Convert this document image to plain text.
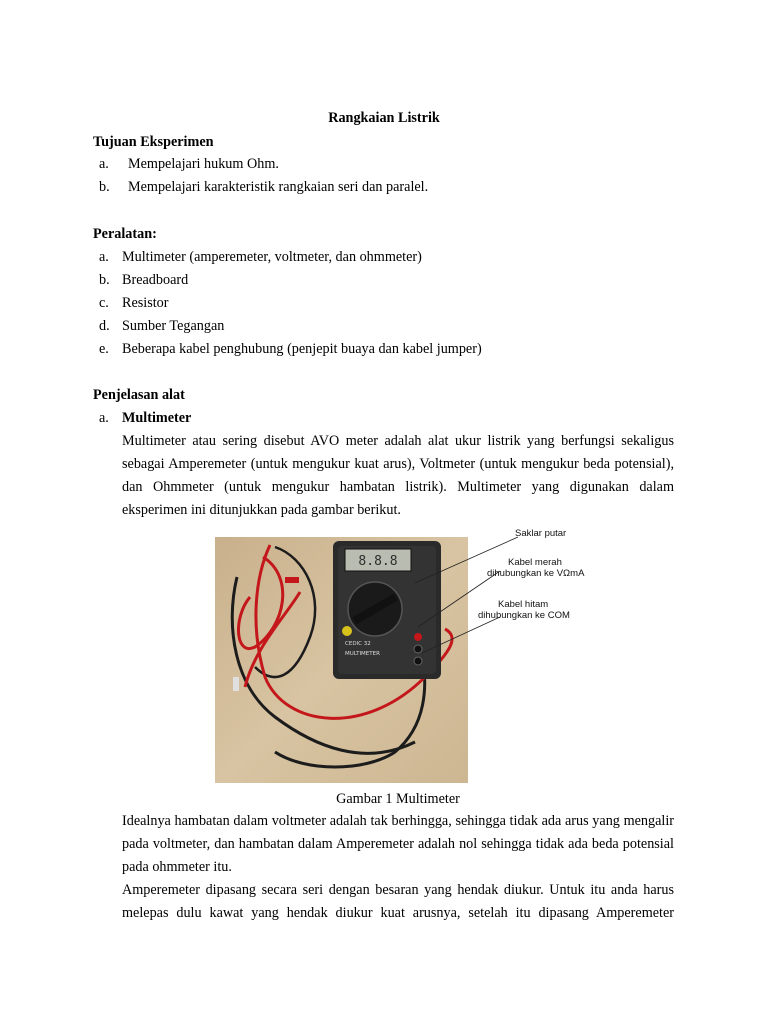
Rangkaian Listrik
Tujuan Eksperimen
a. Mempelajari hukum Ohm.
b. Mempelajari karakteristik rangkaian seri dan paralel.
Peralatan:
a. Multimeter (amperemeter, voltmeter, dan ohmmeter)
b. Breadboard
c. Resistor
d. Sumber Tegangan
e. Beberapa kabel penghubung (penjepit buaya dan kabel jumper)
Penjelasan alat
a. Multimeter
Multimeter atau sering disebut AVO meter adalah alat ukur listrik yang berfungsi sekaligus
sebagai Amperemeter (untuk mengukur kuat arus), Voltmeter (untuk mengukur beda potensial),
dan Ohmmeter (untuk mengukur hambatan listrik). Multimeter yang digunakan dalam
eksperimen ini ditunjukkan pada gambar berikut.
8.8.8
CEDIC 32
MULTIMETER
Saklar putar
Kabel merah
dihubungkan ke VΩmA
Kabel hitam
dihubungkan ke COM
Gambar 1 Multimeter
Idealnya hambatan dalam voltmeter adalah tak berhingga, sehingga tidak ada arus yang mengalir
pada voltmeter, dan hambatan dalam Amperemeter adalah nol sehingga tidak ada beda potensial
pada ohmmeter itu.
Amperemeter dipasang secara seri dengan besaran yang hendak diukur. Untuk itu anda harus
melepas dulu kawat yang hendak diukur kuat arusnya, setelah itu dipasang Amperemeter
